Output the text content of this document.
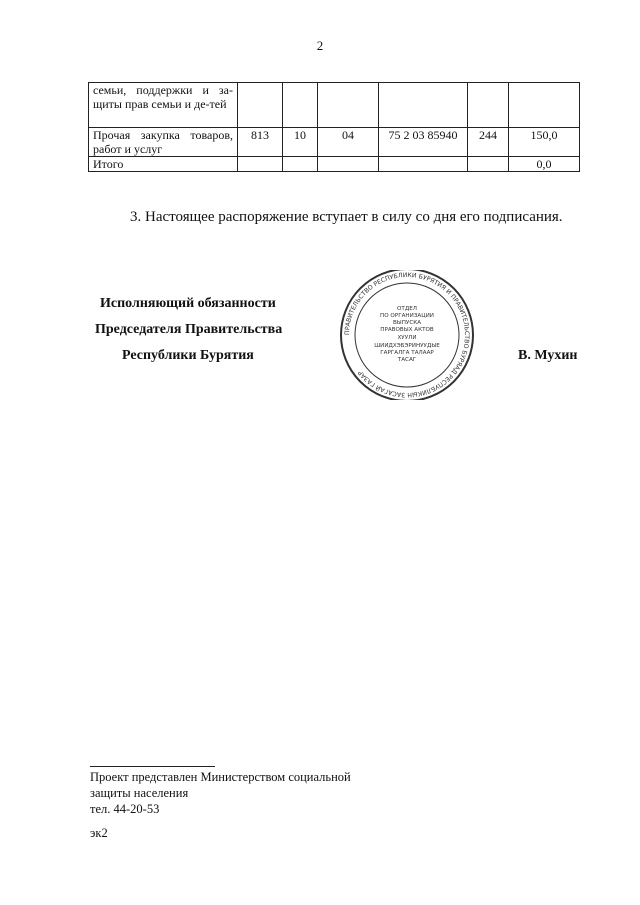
2
семьи, поддержки и за-щиты прав семьи и де-тей						
Прочая закупка товаров, работ и услуг	813	10	04	75 2 03 85940	244	150,0
Итого						0,0
3. Настоящее распоряжение вступает в силу со дня его подписания.
Исполняющий обязанности
Председателя Правительства
Республики Бурятия	В. Мухин
ПРАВИТЕЛЬСТВО РЕСПУБЛИКИ БУРЯТИЯ И ПРАВИТЕЛЬСТВО БУРЯАД РЕСПУБЛИКЫН ЗАСАГАЙ ГАЗАР
ОТДЕЛ
ПО ОРГАНИЗАЦИИ
ВЫПУСКА
ПРАВОВЫХ АКТОВ
ХУУЛИ
ШИИДХЭБЭРИНУУДЫЕ
ГАРГАЛГА ТАЛААР
ТАСАГ
Проект представлен Министерством социальной
защиты населения
тел. 44-20-53
эк2
